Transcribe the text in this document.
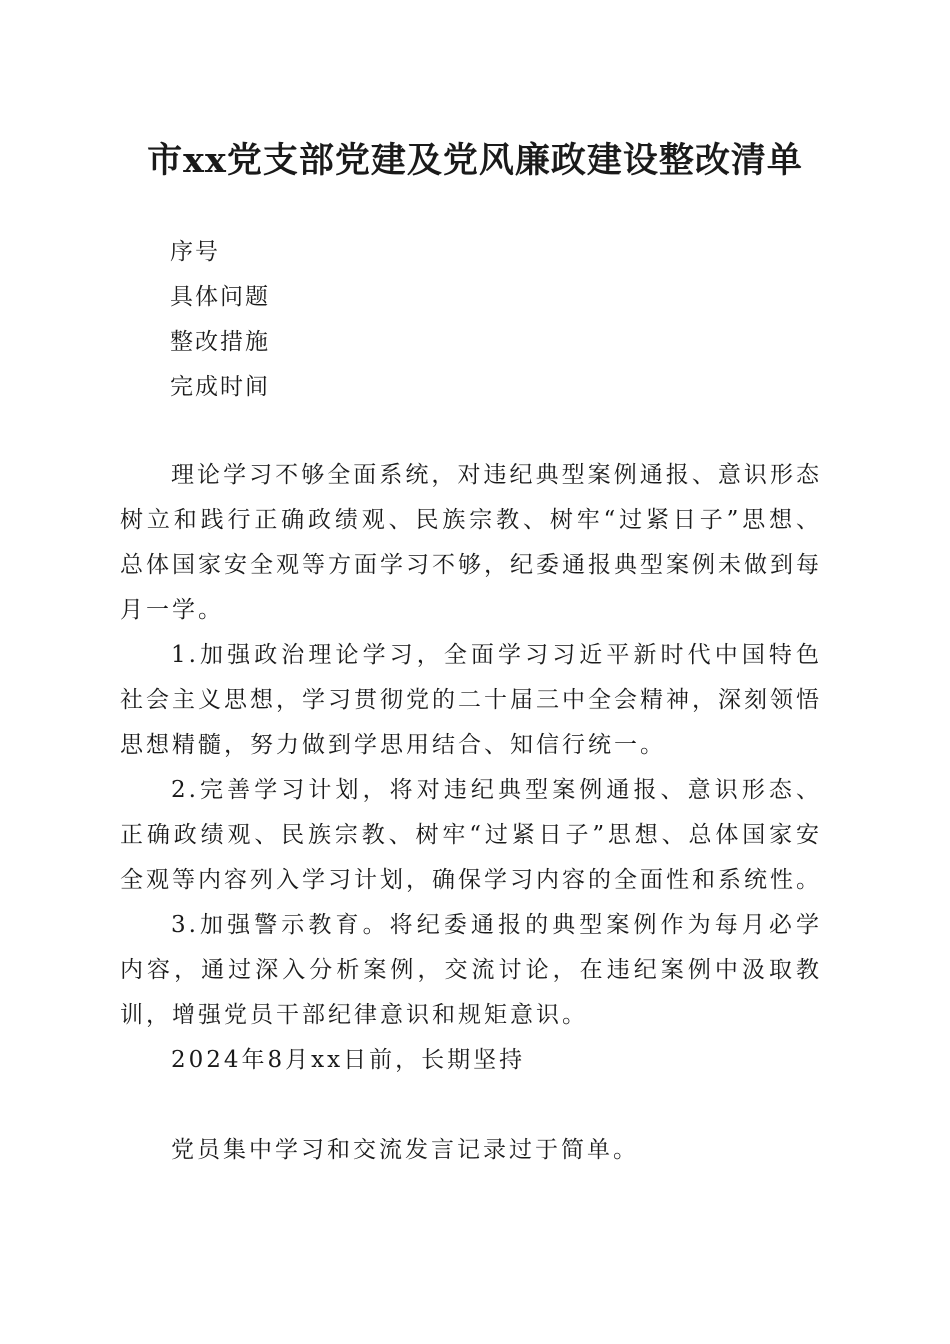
市xx党支部党建及党风廉政建设整改清单
序号
具体问题
整改措施
完成时间

理论学习不够全面系统，对违纪典型案例通报、意识形态树立和践行正确政绩观、民族宗教、树牢“过紧日子”思想、总体国家安全观等方面学习不够，纪委通报典型案例未做到每月一学。

1.加强政治理论学习，全面学习习近平新时代中国特色社会主义思想，学习贯彻党的二十届三中全会精神，深刻领悟思想精髓，努力做到学思用结合、知信行统一。

2.完善学习计划，将对违纪典型案例通报、意识形态、正确政绩观、民族宗教、树牢“过紧日子”思想、总体国家安全观等内容列入学习计划，确保学习内容的全面性和系统性。

3.加强警示教育。将纪委通报的典型案例作为每月必学内容，通过深入分析案例，交流讨论，在违纪案例中汲取教训，增强党员干部纪律意识和规矩意识。

2024年8月xx日前，长期坚持

党员集中学习和交流发言记录过于简单。
